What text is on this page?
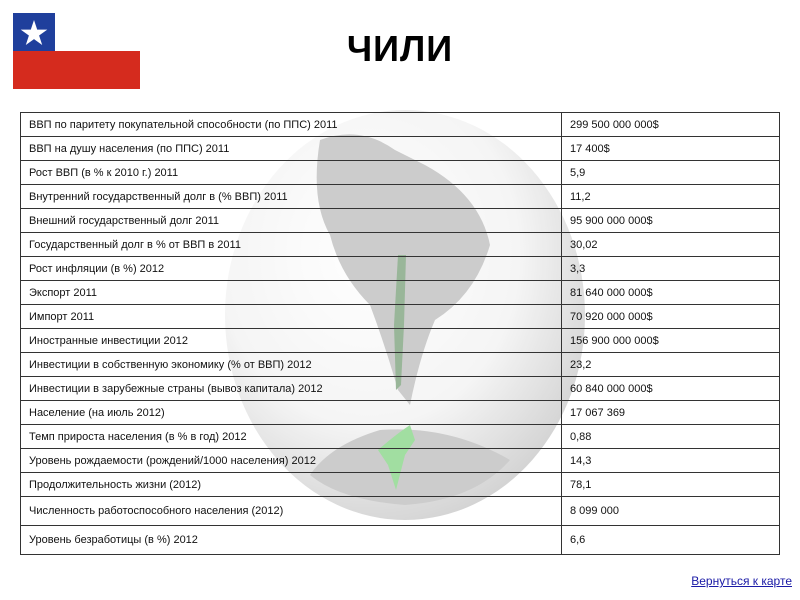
ЧИЛИ
ВВП по паритету покупательной способности (по ППС) 2011	299 500 000 000$
ВВП на душу населения (по ППС) 2011	17 400$
Рост ВВП (в % к 2010 г.) 2011	5,9
Внутренний государственный долг в (% ВВП) 2011	11,2
Внешний государственный долг 2011	95 900 000 000$
Государственный долг в % от ВВП в 2011	30,02
Рост инфляции (в %) 2012	3,3
Экспорт 2011	81 640 000 000$
Импорт 2011	70 920 000 000$
Иностранные инвестиции 2012	156 900 000 000$
Инвестиции в собственную экономику (% от ВВП) 2012	23,2
Инвестиции в зарубежные страны (вывоз капитала) 2012	60 840 000 000$
Население (на июль 2012)	17 067 369
Темп прироста населения (в % в год) 2012	0,88
Уровень рождаемости (рождений/1000 населения) 2012	14,3
Продолжительность жизни (2012)	78,1
Численность работоспособного населения (2012)	8 099 000
Уровень безработицы (в %) 2012	6,6
Вернуться к карте
